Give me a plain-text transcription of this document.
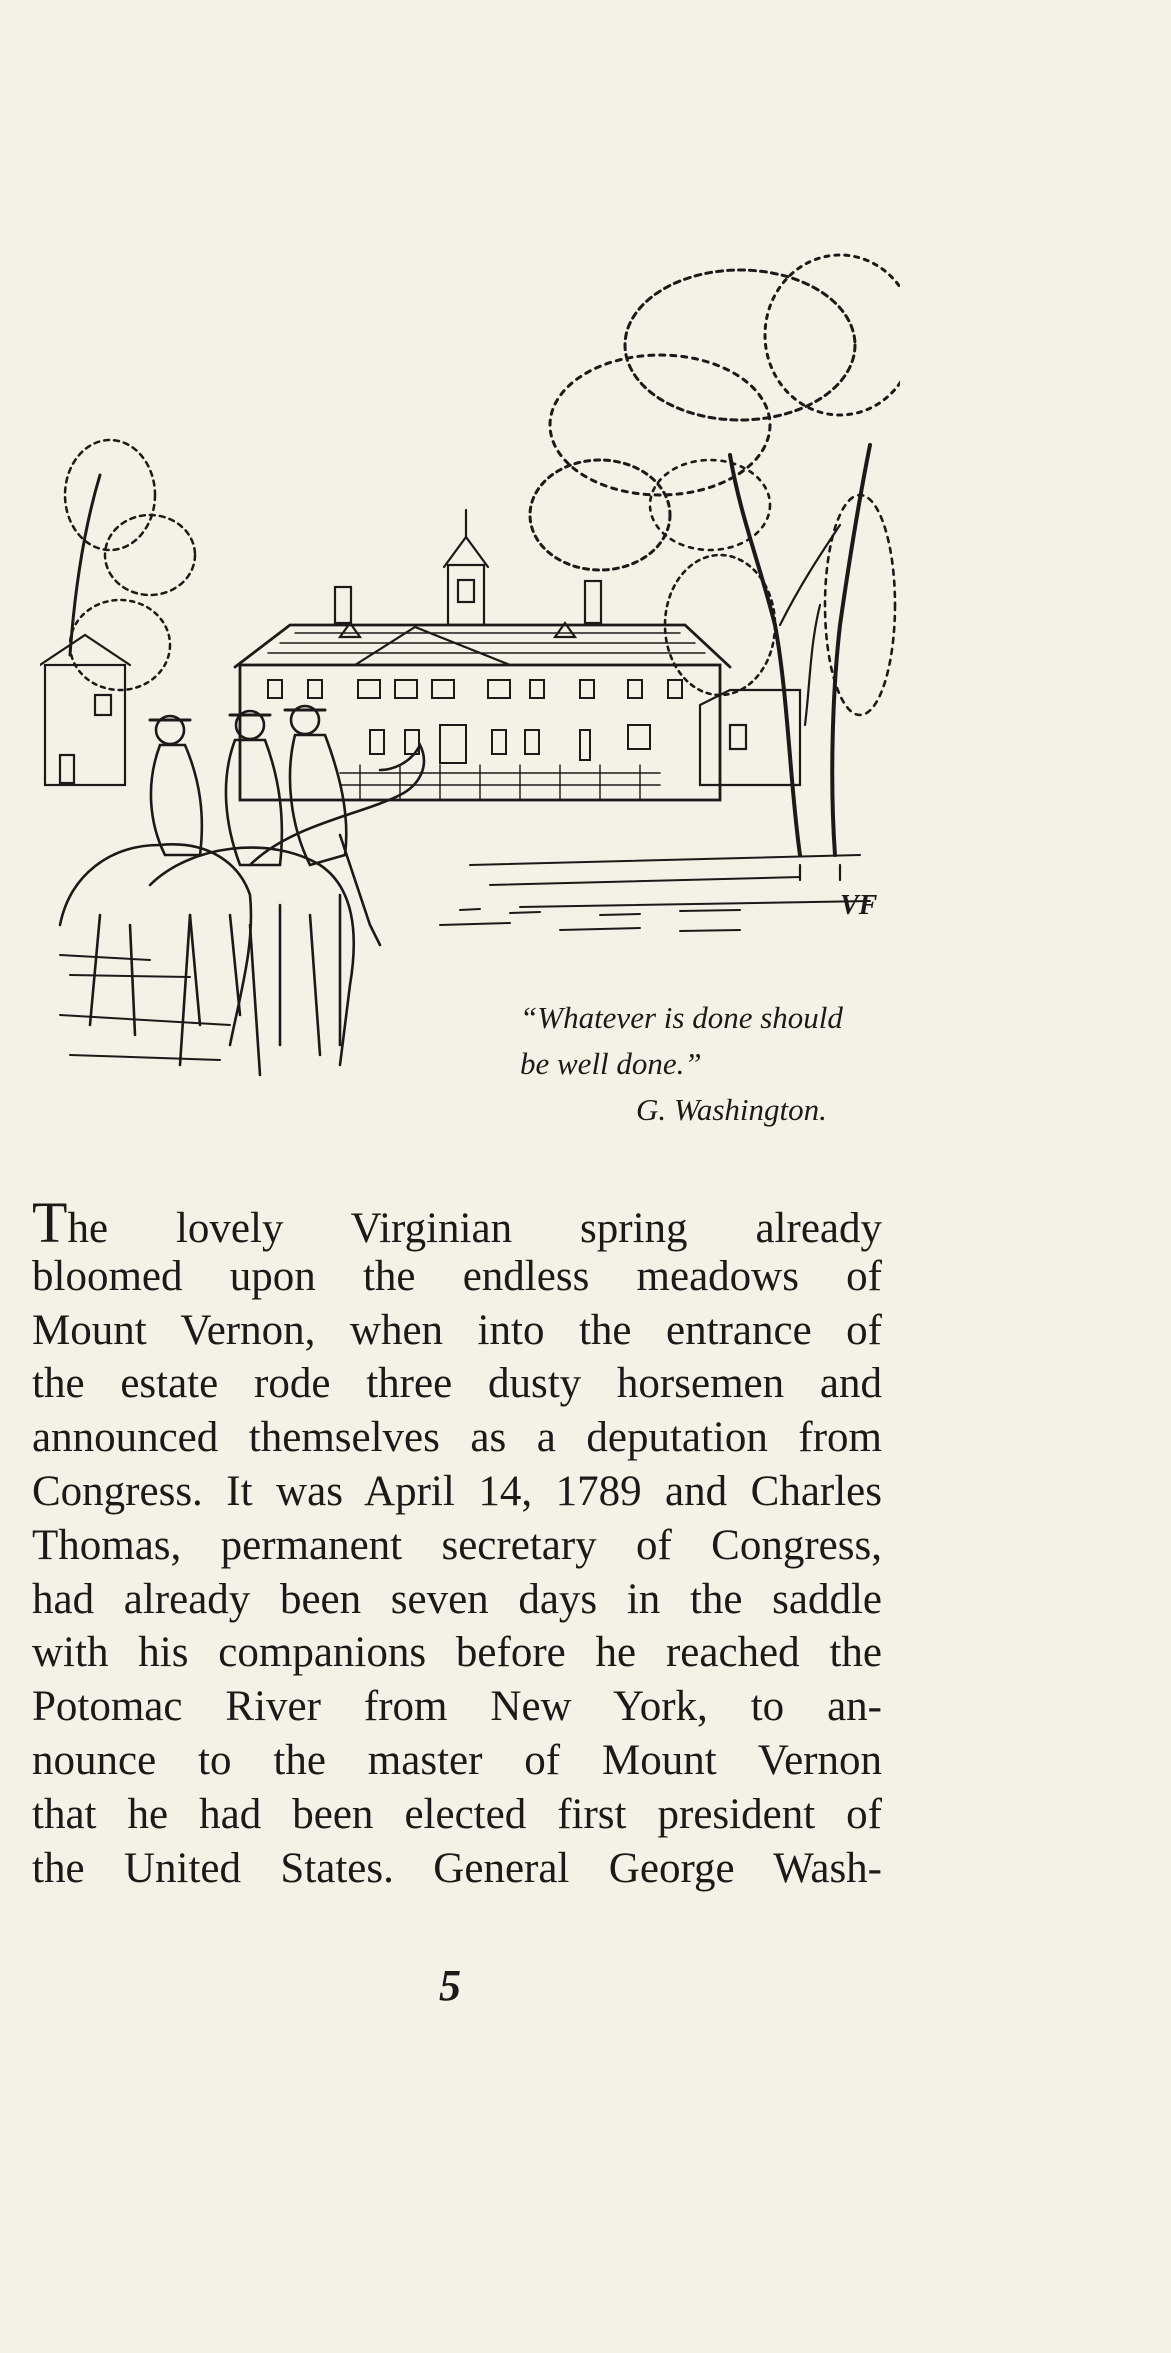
VF
“Whatever is done should
be well done.”
G. Washington.
The lovely Virginian spring already
bloomed upon the endless meadows of
Mount Vernon, when into the entrance of
the estate rode three dusty horsemen and
announced themselves as a deputation from
Congress. It was April 14, 1789 and Charles
Thomas, permanent secretary of Congress,
had already been seven days in the saddle
with his companions before he reached the
Potomac River from New York, to an-
nounce to the master of Mount Vernon
that he had been elected first president of
the United States. General George Wash-
5
